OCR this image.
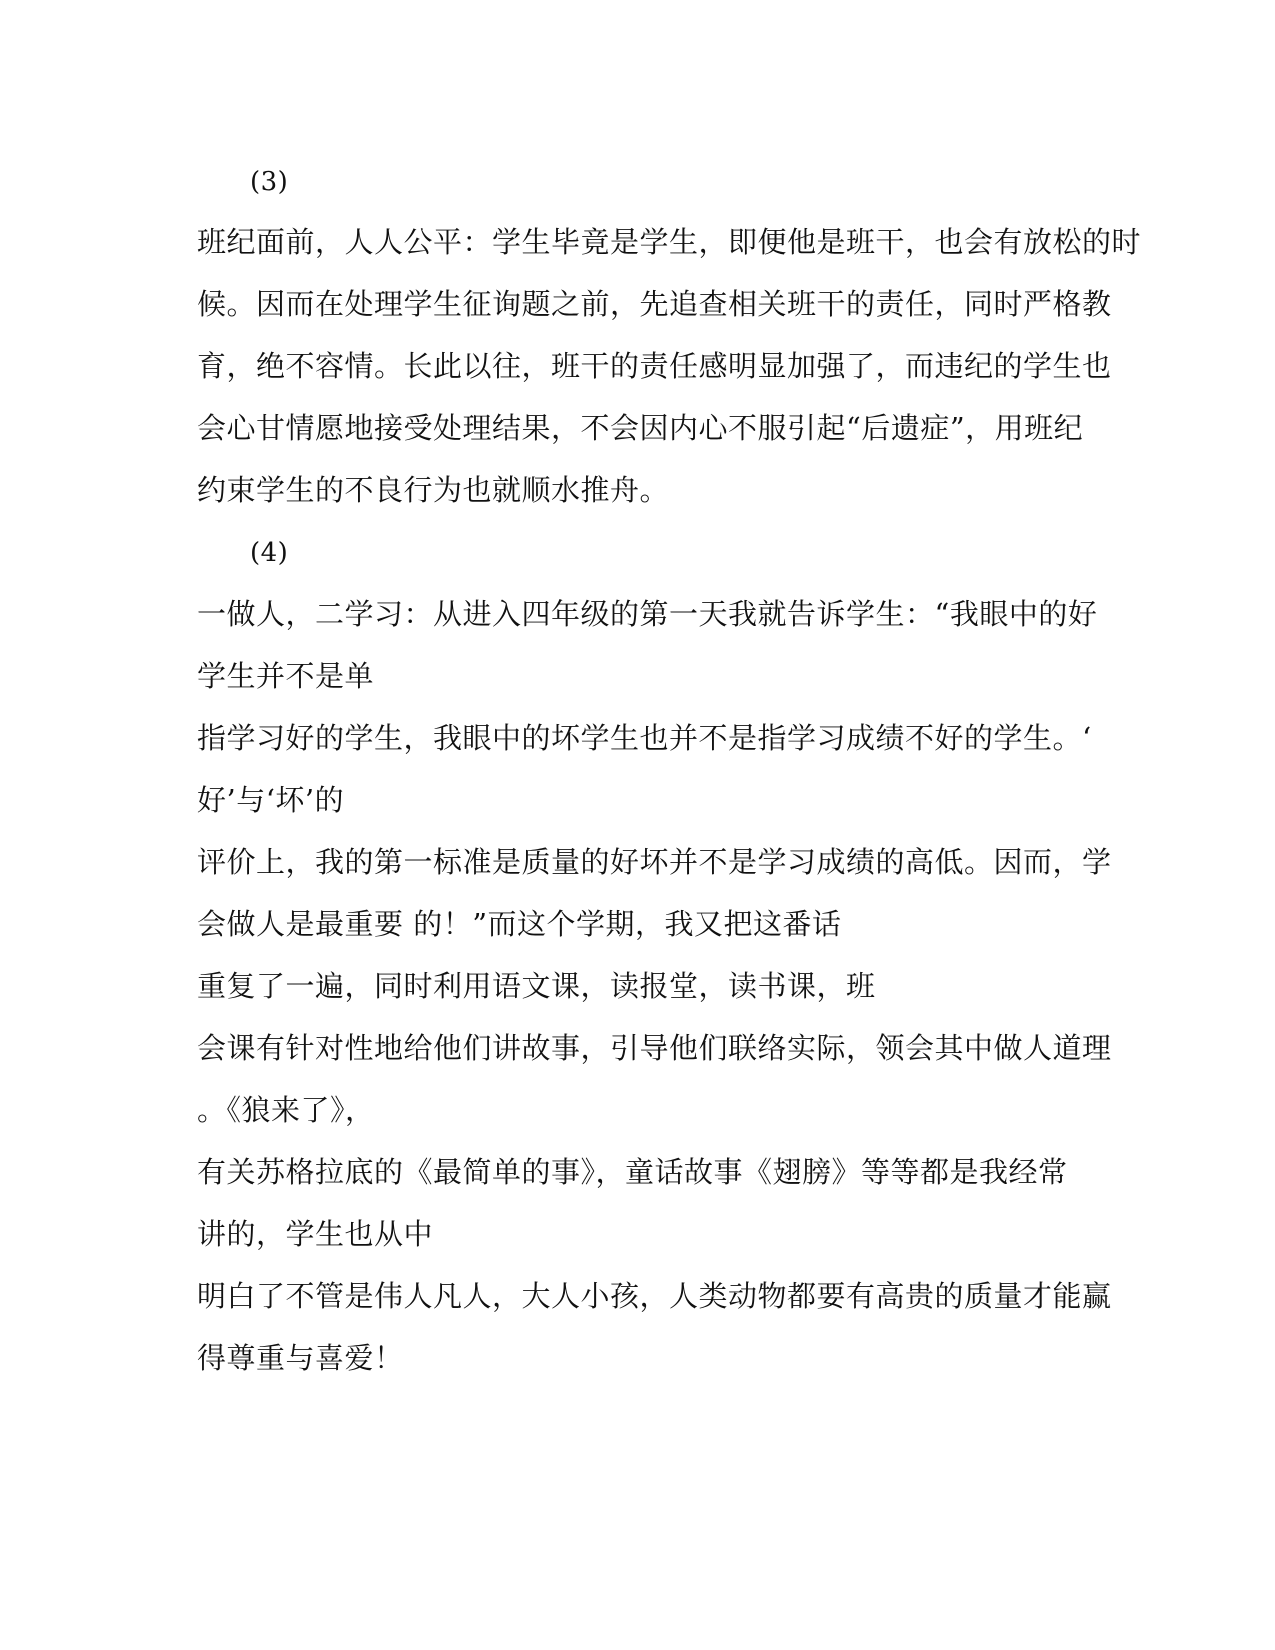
(3)
班纪面前，人人公平：学生毕竟是学生，即便他是班干，也会有放松的时
候。因而在处理学生征询题之前，先追查相关班干的责任，同时严格教
育，绝不容情。长此以往，班干的责任感明显加强了，而违纪的学生也
会心甘情愿地接受处理结果，不会因内心不服引起“后遗症”，用班纪
约束学生的不良行为也就顺水推舟。
(4)
一做人，二学习：从进入四年级的第一天我就告诉学生：“我眼中的好
学生并不是单
指学习好的学生，我眼中的坏学生也并不是指学习成绩不好的学生。‘
好’与‘坏’的
评价上，我的第一标准是质量的好坏并不是学习成绩的高低。因而，学
会做人是最重要 的！”而这个学期，我又把这番话
重复了一遍，同时利用语文课，读报堂，读书课，班
会课有针对性地给他们讲故事，引导他们联络实际，领会其中做人道理
。《狼来了》，
有关苏格拉底的《最简单的事》，童话故事《翅膀》等等都是我经常
讲的，学生也从中
明白了不管是伟人凡人，大人小孩，人类动物都要有高贵的质量才能赢
得尊重与喜爱！
